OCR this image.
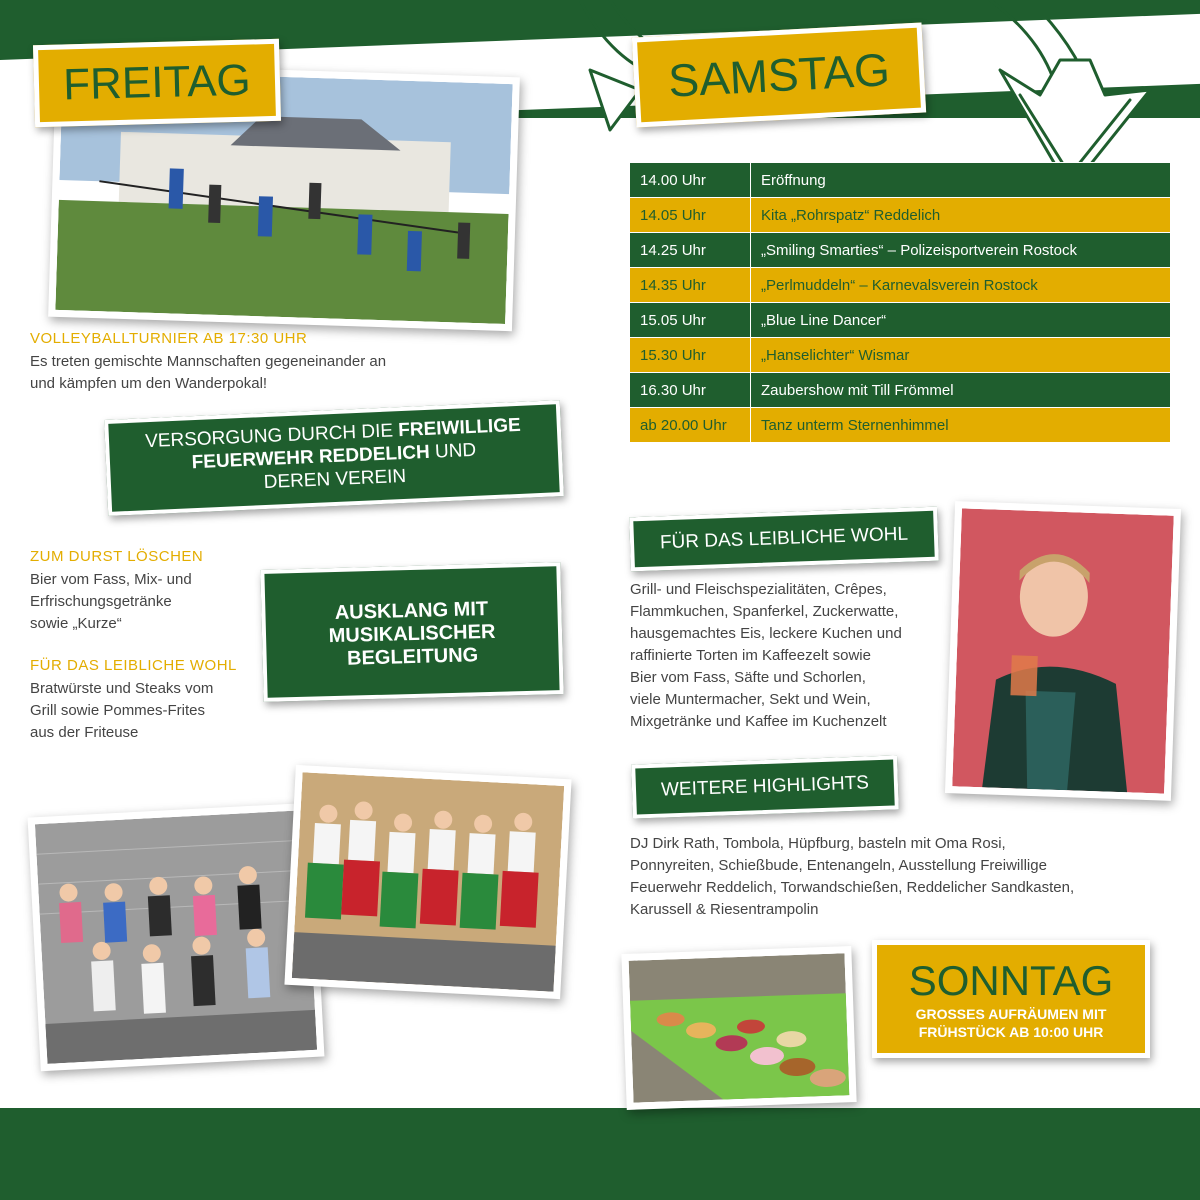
FREITAG
VOLLEYBALLTURNIER AB 17:30 UHR
Es treten gemischte Mannschaften gegeneinander an
und kämpfen um den Wanderpokal!
VERSORGUNG DURCH DIE FREIWILLIGE
FEUERWEHR REDDELICH UND
DEREN VEREIN
ZUM DURST LÖSCHEN
Bier vom Fass, Mix- und
Erfrischungsgetränke
sowie „Kurze“
FÜR DAS LEIBLICHE WOHL
Bratwürste und Steaks vom
Grill sowie Pommes-Frites
aus der Friteuse
AUSKLANG MIT
MUSIKALISCHER
BEGLEITUNG
SAMSTAG
14.00 Uhr	Eröffnung
14.05 Uhr	Kita „Rohrspatz“ Reddelich
14.25 Uhr	„Smiling Smarties“ – Polizeisportverein Rostock
14.35 Uhr	„Perlmuddeln“ – Karnevalsverein Rostock
15.05 Uhr	„Blue Line Dancer“
15.30 Uhr	„Hanselichter“ Wismar
16.30 Uhr	Zaubershow mit Till Frömmel
ab 20.00 Uhr	Tanz unterm Sternenhimmel
FÜR DAS LEIBLICHE WOHL
Grill- und Fleischspezialitäten, Crêpes,
Flammkuchen, Spanferkel, Zuckerwatte,
hausgemachtes Eis, leckere Kuchen und
raffinierte Torten im Kaffeezelt sowie
Bier vom Fass, Säfte und Schorlen,
viele Muntermacher, Sekt und Wein,
Mixgetränke und Kaffee im Kuchenzelt
WEITERE HIGHLIGHTS
DJ Dirk Rath, Tombola, Hüpfburg, basteln mit Oma Rosi,
Ponnyreiten, Schießbude, Entenangeln, Ausstellung Freiwillige
Feuerwehr Reddelich, Torwandschießen, Reddelicher Sandkasten,
Karussell & Riesentrampolin
SONNTAG
GROSSES AUFRÄUMEN MIT
FRÜHSTÜCK AB 10:00 UHR
